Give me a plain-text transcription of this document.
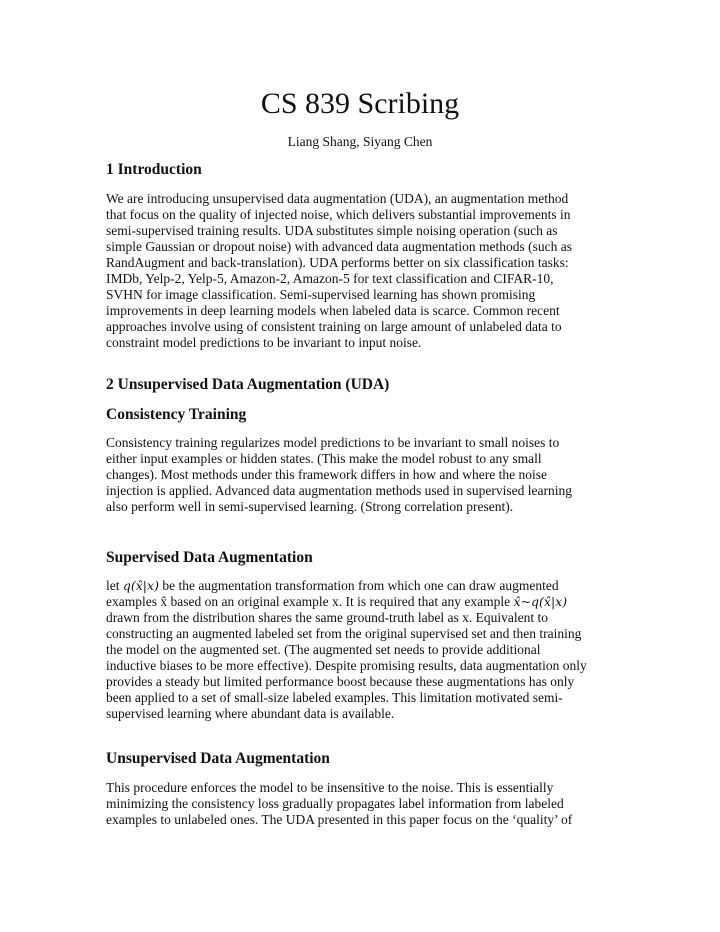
CS 839 Scribing
Liang Shang, Siyang Chen
1 Introduction
We are introducing unsupervised data augmentation (UDA), an augmentation method
that focus on the quality of injected noise, which delivers substantial improvements in
semi-supervised training results. UDA substitutes simple noising operation (such as
simple Gaussian or dropout noise) with advanced data augmentation methods (such as
RandAugment and back-translation). UDA performs better on six classification tasks:
IMDb, Yelp-2, Yelp-5, Amazon-2, Amazon-5 for text classification and CIFAR-10,
SVHN for image classification. Semi-supervised learning has shown promising
improvements in deep learning models when labeled data is scarce. Common recent
approaches involve using of consistent training on large amount of unlabeled data to
constraint model predictions to be invariant to input noise.
2 Unsupervised Data Augmentation (UDA)
Consistency Training
Consistency training regularizes model predictions to be invariant to small noises to
either input examples or hidden states. (This make the model robust to any small
changes). Most methods under this framework differs in how and where the noise
injection is applied. Advanced data augmentation methods used in supervised learning
also perform well in semi-supervised learning. (Strong correlation present).
Supervised Data Augmentation
let q(x̂|x) be the augmentation transformation from which one can draw augmented
examples x̂ based on an original example x. It is required that any example x̂~q(x̂|x)
drawn from the distribution shares the same ground-truth label as x. Equivalent to
constructing an augmented labeled set from the original supervised set and then training
the model on the augmented set. (The augmented set needs to provide additional
inductive biases to be more effective). Despite promising results, data augmentation only
provides a steady but limited performance boost because these augmentations has only
been applied to a set of small-size labeled examples. This limitation motivated semi-
supervised learning where abundant data is available.
Unsupervised Data Augmentation
This procedure enforces the model to be insensitive to the noise. This is essentially
minimizing the consistency loss gradually propagates label information from labeled
examples to unlabeled ones. The UDA presented in this paper focus on the ‘quality’ of
